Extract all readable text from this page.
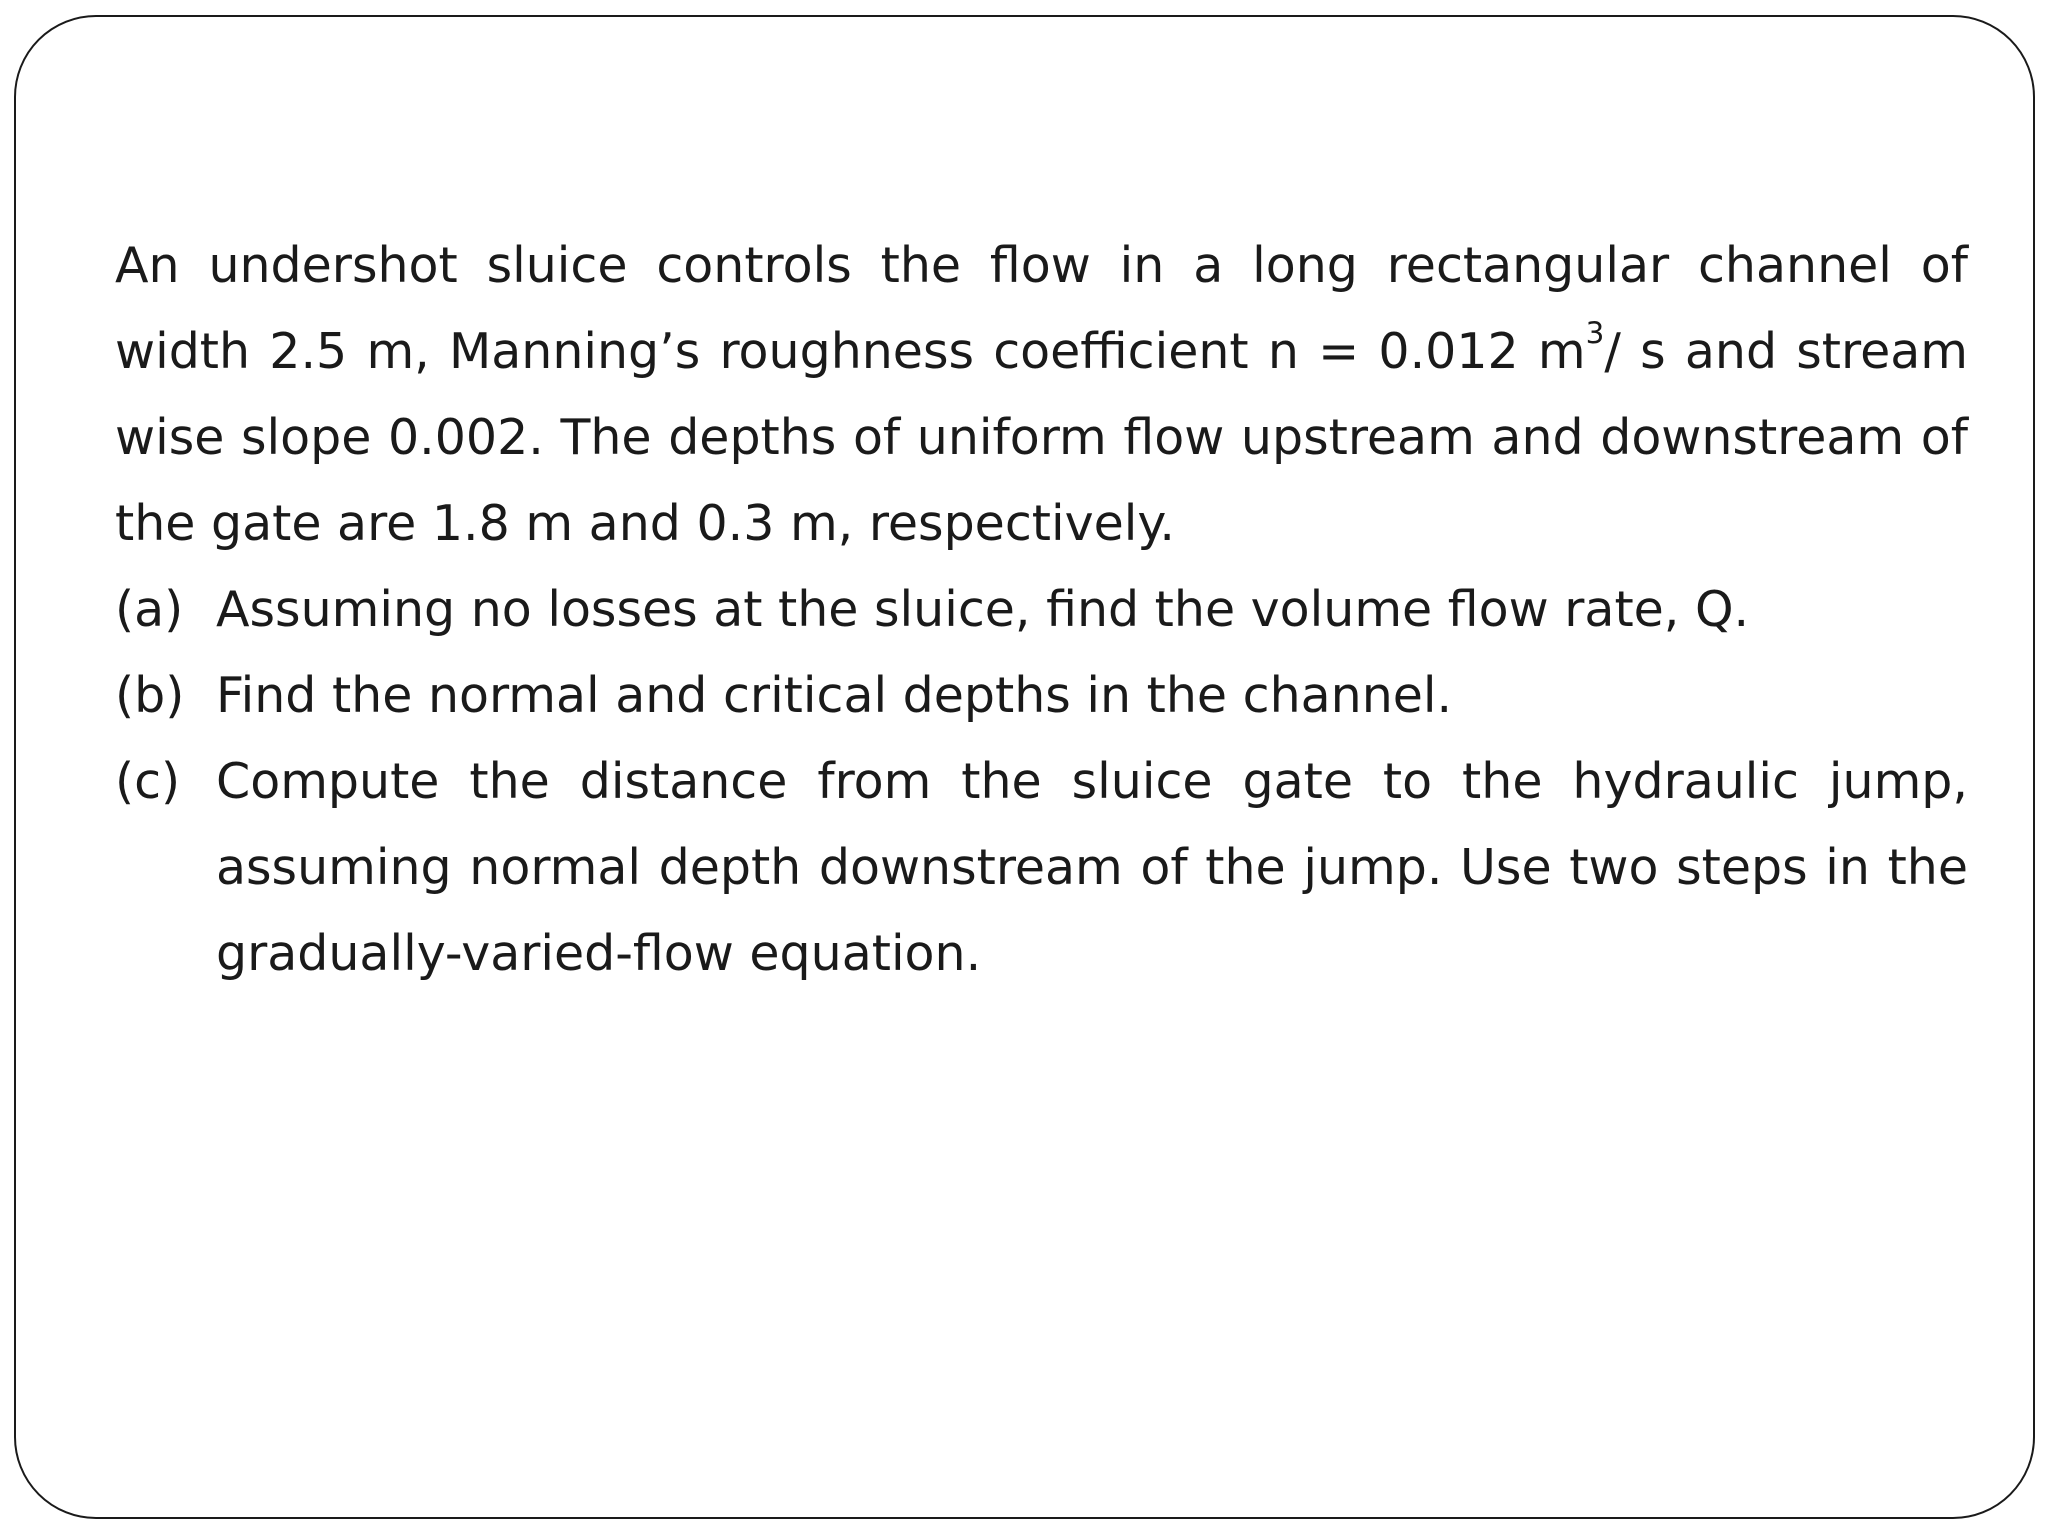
An undershot sluice controls the flow in a long rectangular channel of width 2.5 m, Manning’s roughness coefficient n = 0.012 $m^3/$ s and stream wise slope 0.002. The depths of uniform flow upstream and downstream of the gate are 1.8 m and 0.3 m, respectively.

(a) Assuming no losses at the sluice, find the volume flow rate, Q.

(b) Find the normal and critical depths in the channel.

(c) Compute the distance from the sluice gate to the hydraulic jump, assuming normal depth downstream of the jump. Use two steps in the gradually-varied-flow equation.
